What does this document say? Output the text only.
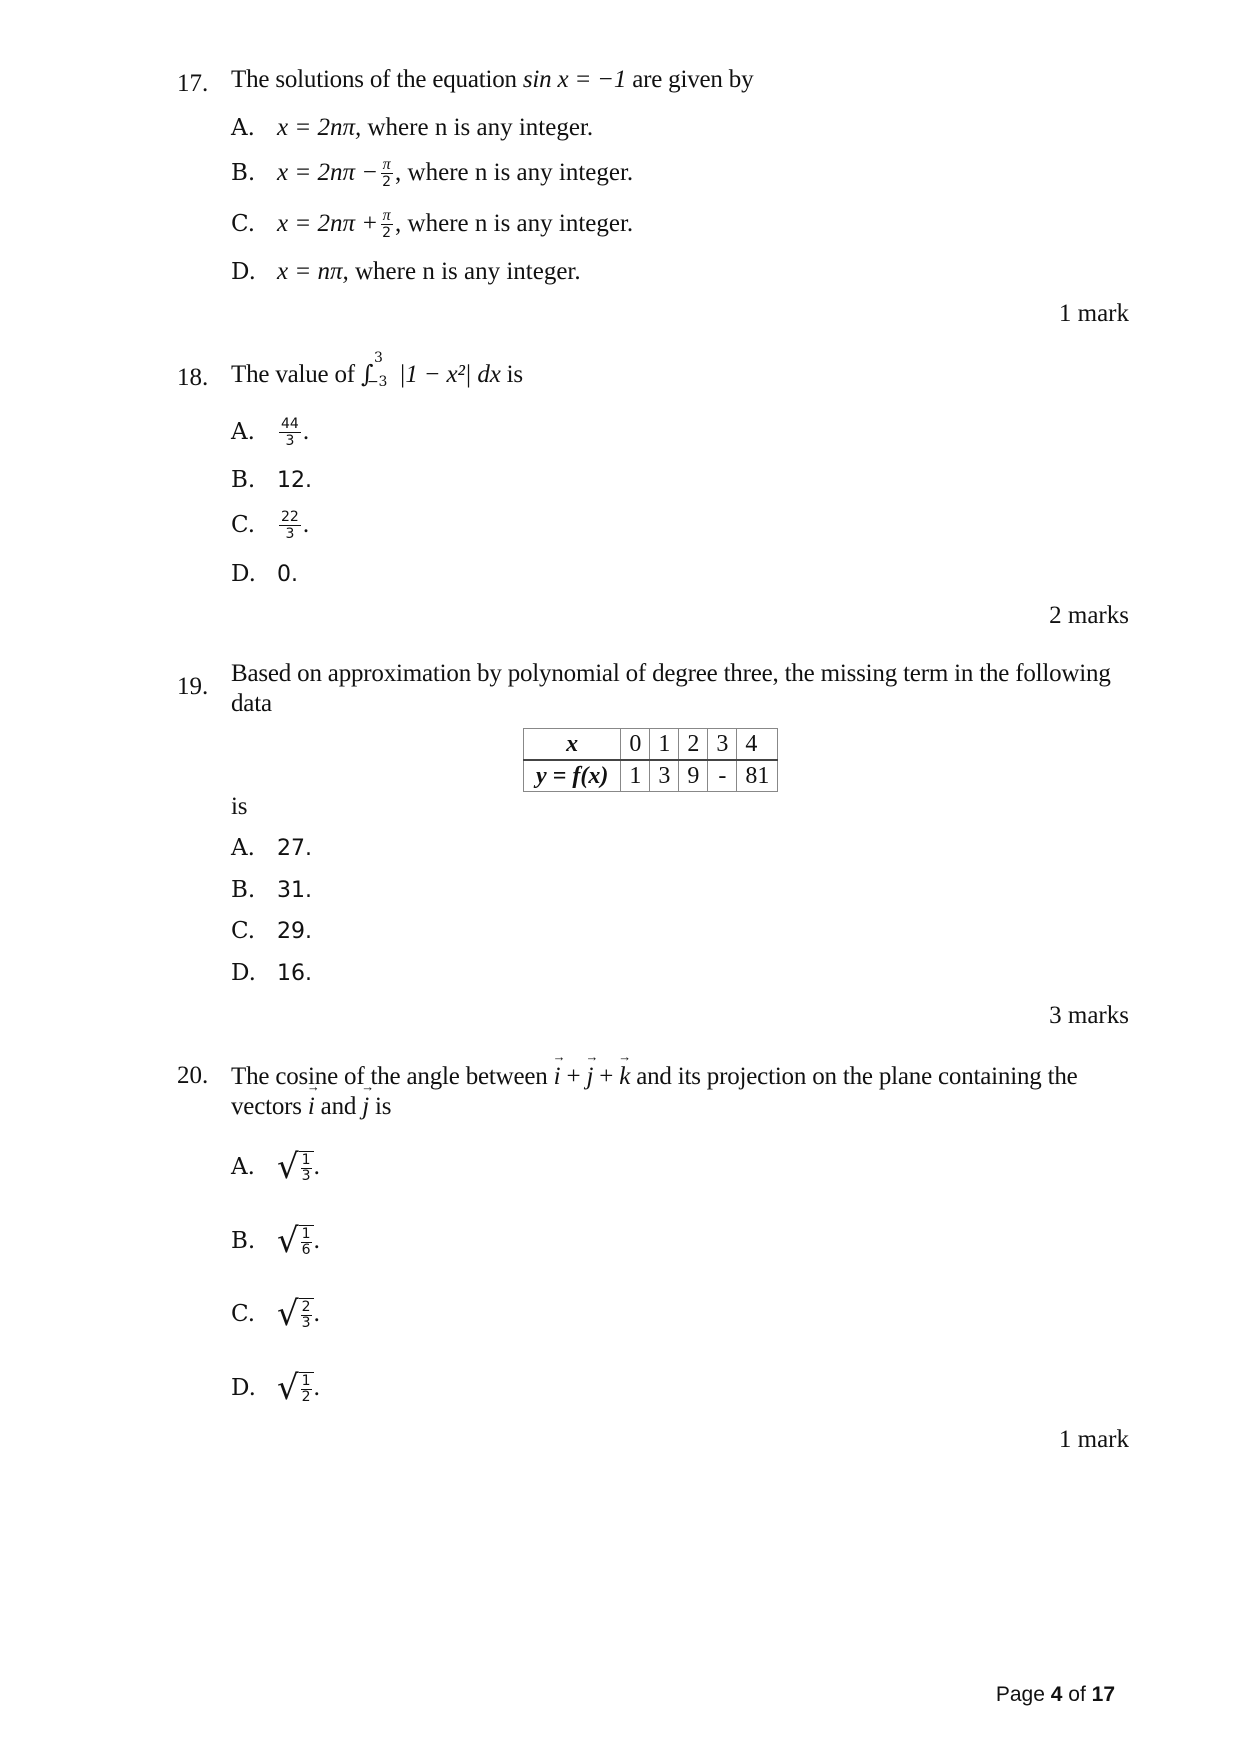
17. The solutions of the equation sin x = −1 are given by
A. x = 2nπ,
where n is any integer.
B. $x = 2n\pi - \frac{\pi}{2}$ , where n is any integer.
C. $x = 2n\pi + \frac{\pi}{2}$ , where n is any integer.
D. x = nπ,
where n is any integer.
1 mark
18. The value of ∫
3
−3 |1 − x²| dx is
A.	$\frac{44}{3}$ .
B. 12.
C.	$\frac{22}{3}$ .
D. 0.
2 marks
19. Based on approximation by polynomial of degree three, the missing term in the following
data
x	0	1	2	3	4
y = f(x)	1	3	9	-	81
is
A.	27.
B. 31.
C. 29.
D. 16.
3 marks
20. The cosine of the angle between → i + → j + → k and its projection on the plane containing the
vectors → i and → j is
A. √ 1
3 .
B. √ 1
6 .
C. √ 2
3 .
D. √ 1
2 .
1 mark
Page 4 of 17
